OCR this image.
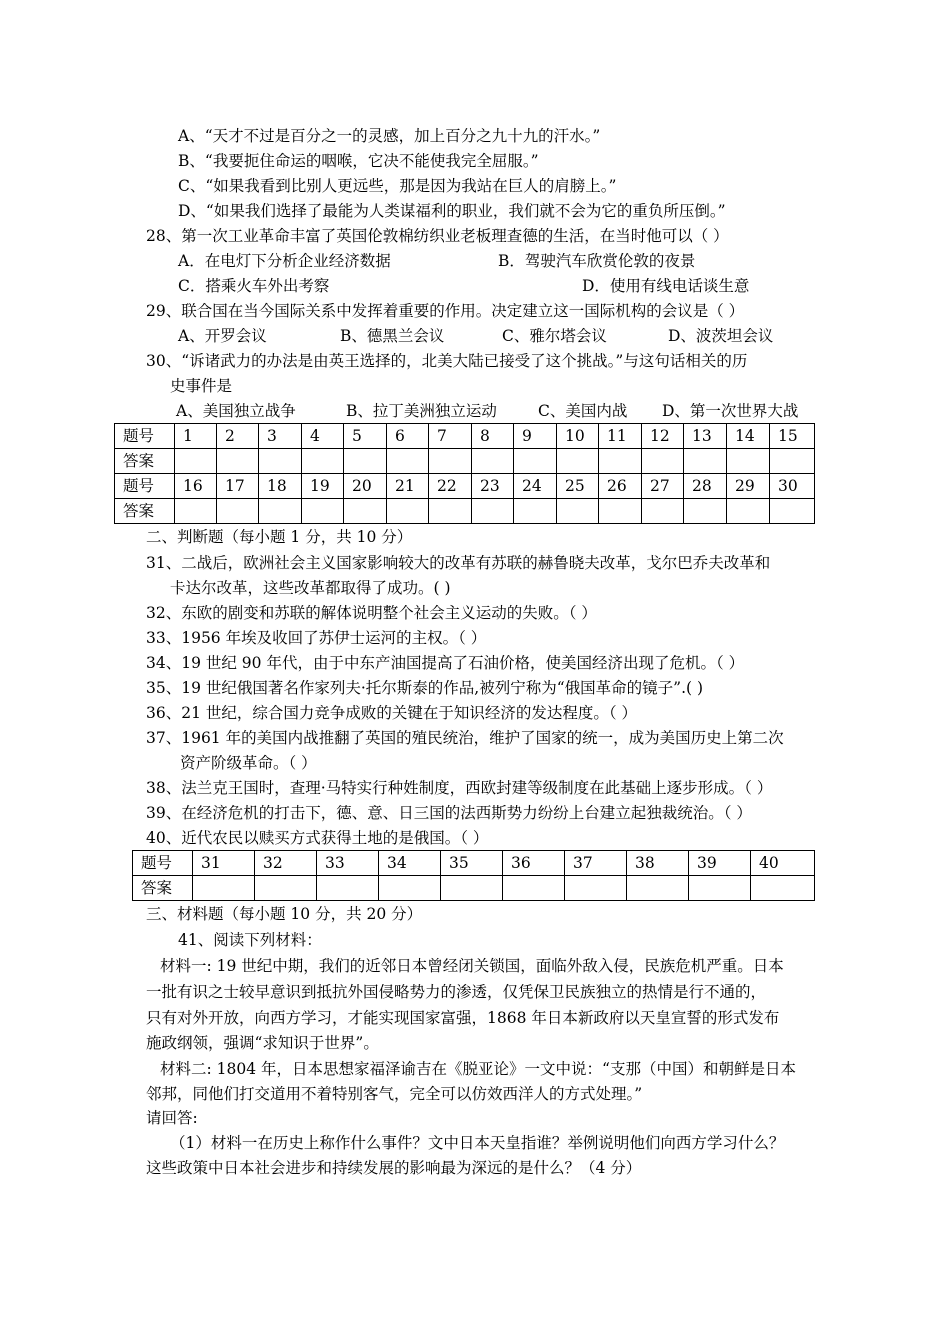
A、“天才不过是百分之一的灵感，加上百分之九十九的汗水。”
B、“我要扼住命运的咽喉，它决不能使我完全屈服。”
C、“如果我看到比别人更远些，那是因为我站在巨人的肩膀上。”
D、“如果我们选择了最能为人类谋福利的职业，我们就不会为它的重负所压倒。”
28、第一次工业革命丰富了英国伦敦棉纺织业老板理查德的生活，在当时他可以（ ）
A．在电灯下分析企业经济数据	B．驾驶汽车欣赏伦敦的夜景
C．搭乘火车外出考察	D．使用有线电话谈生意
29、联合国在当今国际关系中发挥着重要的作用。决定建立这一国际机构的会议是（ ）
A、开罗会议	B、德黑兰会议	C、雅尔塔会议	D、波茨坦会议
30、“诉诸武力的办法是由英王选择的，北美大陆已接受了这个挑战。”与这句话相关的历
史事件是
A、美国独立战争	B、拉丁美洲独立运动	C、美国内战 D、第一次世界大战
题号	1	2	3	4	5	6	7	8	9	10	11	12	13	14	15
答案															
题号	16	17	18	19	20	21	22	23	24	25	26	27	28	29	30
答案															
二、判断题（每小题 1 分，共 10 分）
31、二战后，欧洲社会主义国家影响较大的改革有苏联的赫鲁晓夫改革，戈尔巴乔夫改革和
卡达尔改革，这些改革都取得了成功。( )
32、东欧的剧变和苏联的解体说明整个社会主义运动的失败。（ ）
33、1956 年埃及收回了苏伊士运河的主权。（ ）
34、19 世纪 90 年代，由于中东产油国提高了石油价格，使美国经济出现了危机。（ ）
35、19 世纪俄国著名作家列夫·托尔斯泰的作品,被列宁称为“俄国革命的镜子”.( )
36、21 世纪，综合国力竞争成败的关键在于知识经济的发达程度。（ ）
37、1961 年的美国内战推翻了英国的殖民统治，维护了国家的统一，成为美国历史上第二次
资产阶级革命。（ ）
38、法兰克王国时，查理·马特实行种姓制度，西欧封建等级制度在此基础上逐步形成。（ ）
39、在经济危机的打击下，德、意、日三国的法西斯势力纷纷上台建立起独裁统治。（ ）
40、近代农民以赎买方式获得土地的是俄国。（ ）
题号	31	32	33	34	35	36	37	38	39	40
答案										
三、材料题（每小题 10 分，共 20 分）
41、阅读下列材料：
材料一: 19 世纪中期，我们的近邻日本曾经闭关锁国，面临外敌入侵，民族危机严重。日本
一批有识之士较早意识到抵抗外国侵略势力的渗透，仅凭保卫民族独立的热情是行不通的，
只有对外开放，向西方学习，才能实现国家富强，1868 年日本新政府以天皇宣誓的形式发布
施政纲领，强调“求知识于世界”。
材料二: 1804 年，日本思想家福泽谕吉在《脱亚论》一文中说：“支那（中国）和朝鲜是日本
邻邦，同他们打交道用不着特别客气，完全可以仿效西洋人的方式处理。”
请回答:
（1）材料一在历史上称作什么事件？文中日本天皇指谁？举例说明他们向西方学习什么？
这些政策中日本社会进步和持续发展的影响最为深远的是什么？（4 分）
